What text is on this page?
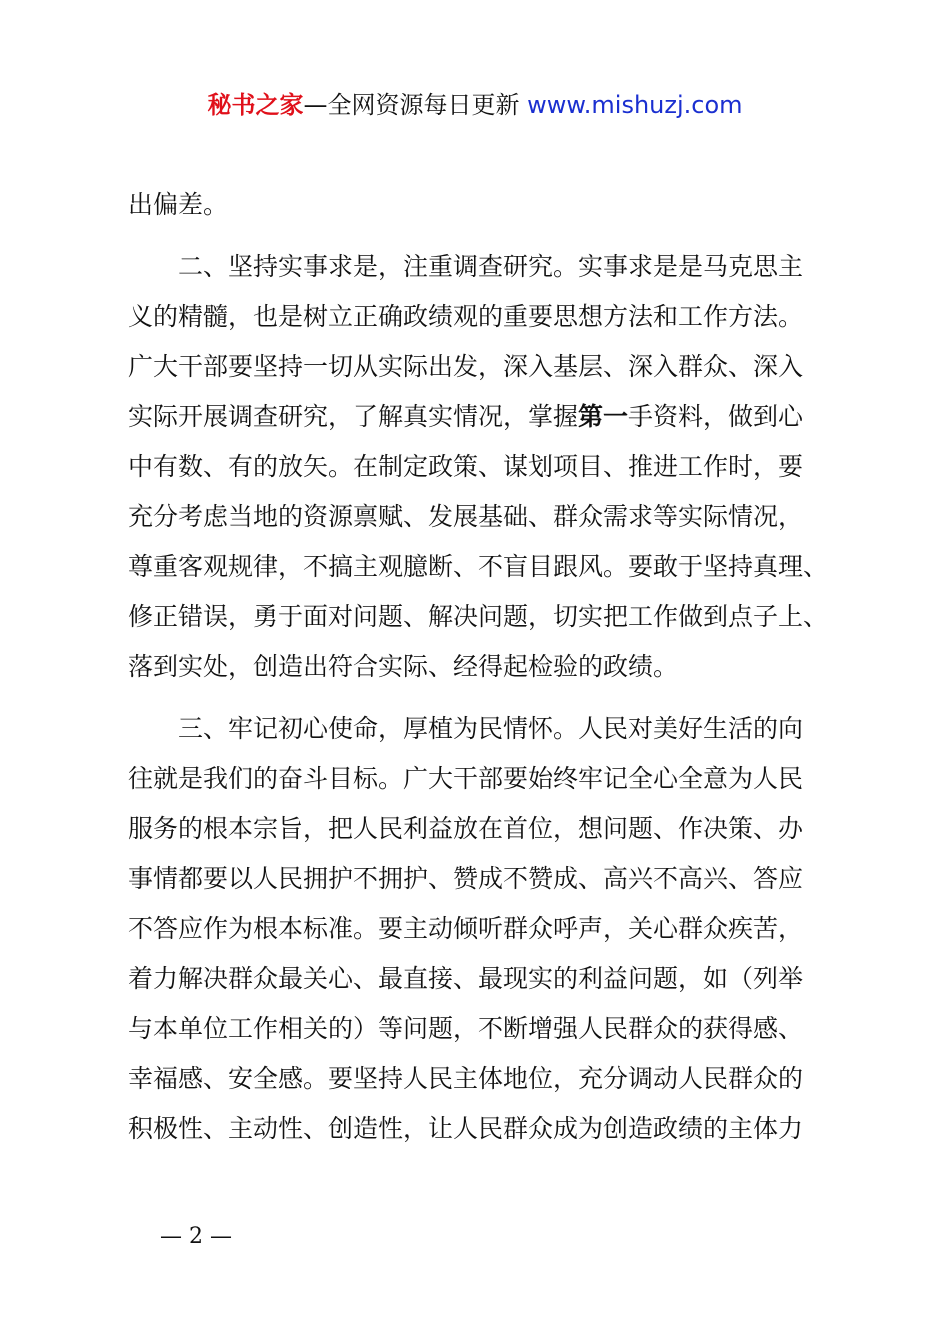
秘书之家—全网资源每日更新 www.mishuzj.com
出偏差。
二、坚持实事求是，注重调查研究。实事求是是马克思主
义的精髓，也是树立正确政绩观的重要思想方法和工作方法。
广大干部要坚持一切从实际出发，深入基层、深入群众、深入
实际开展调查研究，了解真实情况，掌握第一手资料，做到心
中有数、有的放矢。在制定政策、谋划项目、推进工作时，要
充分考虑当地的资源禀赋、发展基础、群众需求等实际情况，
尊重客观规律，不搞主观臆断、不盲目跟风。要敢于坚持真理、
修正错误，勇于面对问题、解决问题，切实把工作做到点子上、
落到实处，创造出符合实际、经得起检验的政绩。
三、牢记初心使命，厚植为民情怀。人民对美好生活的向
往就是我们的奋斗目标。广大干部要始终牢记全心全意为人民
服务的根本宗旨，把人民利益放在首位，想问题、作决策、办
事情都要以人民拥护不拥护、赞成不赞成、高兴不高兴、答应
不答应作为根本标准。要主动倾听群众呼声，关心群众疾苦，
着力解决群众最关心、最直接、最现实的利益问题，如（列举
与本单位工作相关的）等问题，不断增强人民群众的获得感、
幸福感、安全感。要坚持人民主体地位，充分调动人民群众的
积极性、主动性、创造性，让人民群众成为创造政绩的主体力
— 2 —
